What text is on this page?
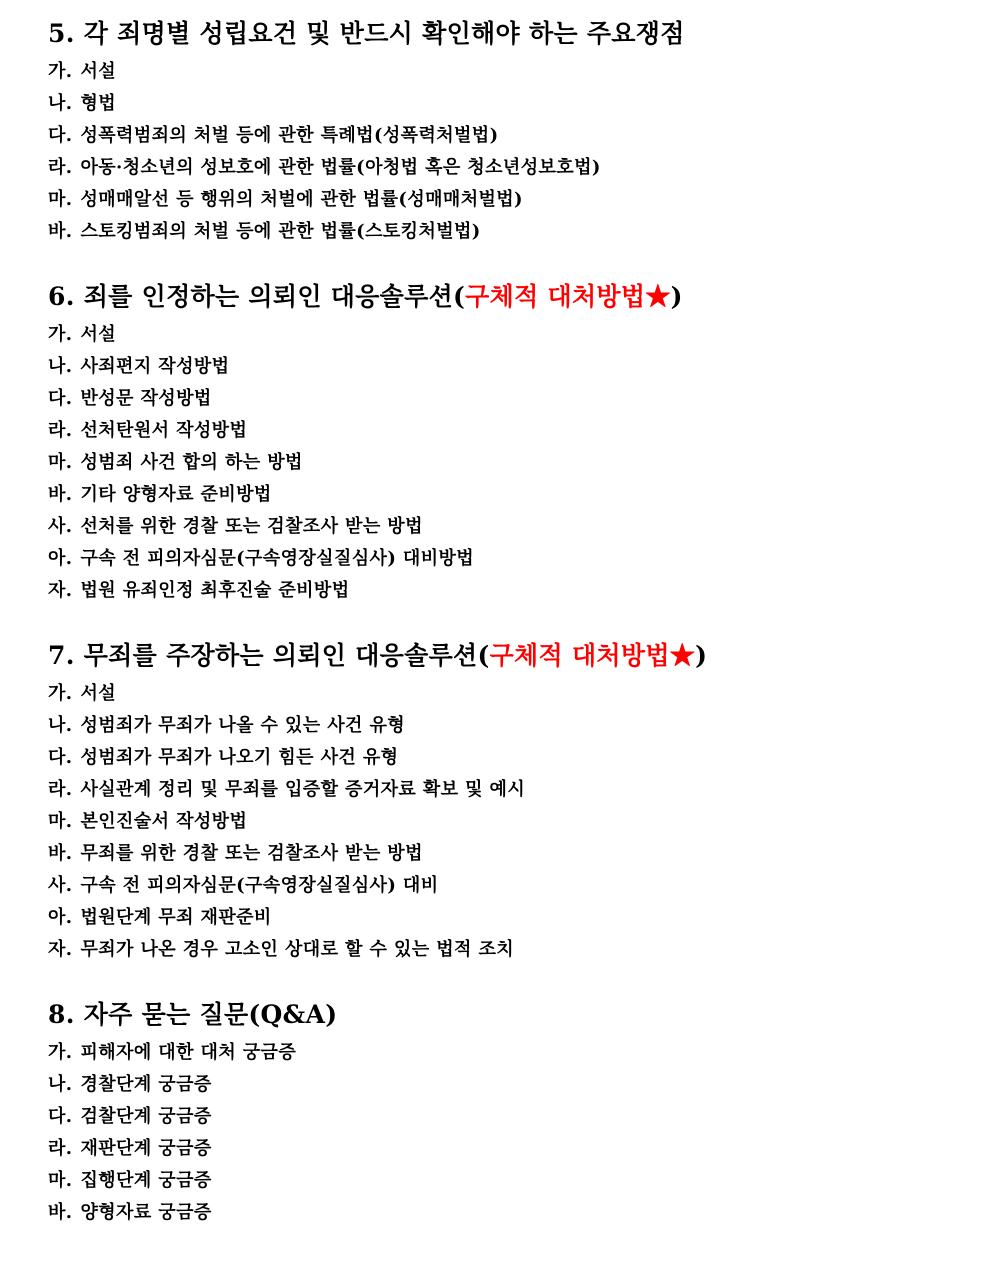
5. 각 죄명별 성립요건 및 반드시 확인해야 하는 주요쟁점
가. 서설
나. 형법
다. 성폭력범죄의 처벌 등에 관한 특례법(성폭력처벌법)
라. 아동·청소년의 성보호에 관한 법률(아청법 혹은 청소년성보호법)
마. 성매매알선 등 행위의 처벌에 관한 법률(성매매처벌법)
바. 스토킹범죄의 처벌 등에 관한 법률(스토킹처벌법)
6. 죄를 인정하는 의뢰인 대응솔루션(구체적 대처방법★)
가. 서설
나. 사죄편지 작성방법
다. 반성문 작성방법
라. 선처탄원서 작성방법
마. 성범죄 사건 합의 하는 방법
바. 기타 양형자료 준비방법
사. 선처를 위한 경찰 또는 검찰조사 받는 방법
아. 구속 전 피의자심문(구속영장실질심사) 대비방법
자. 법원 유죄인정 최후진술 준비방법
7. 무죄를 주장하는 의뢰인 대응솔루션(구체적 대처방법★)
가. 서설
나. 성범죄가 무죄가 나올 수 있는 사건 유형
다. 성범죄가 무죄가 나오기 힘든 사건 유형
라. 사실관계 정리 및 무죄를 입증할 증거자료 확보 및 예시
마. 본인진술서 작성방법
바. 무죄를 위한 경찰 또는 검찰조사 받는 방법
사. 구속 전 피의자심문(구속영장실질심사) 대비
아. 법원단계 무죄 재판준비
자. 무죄가 나온 경우 고소인 상대로 할 수 있는 법적 조치
8. 자주 묻는 질문(Q&A)
가. 피해자에 대한 대처 궁금증
나. 경찰단계 궁금증
다. 검찰단계 궁금증
라. 재판단계 궁금증
마. 집행단계 궁금증
바. 양형자료 궁금증
